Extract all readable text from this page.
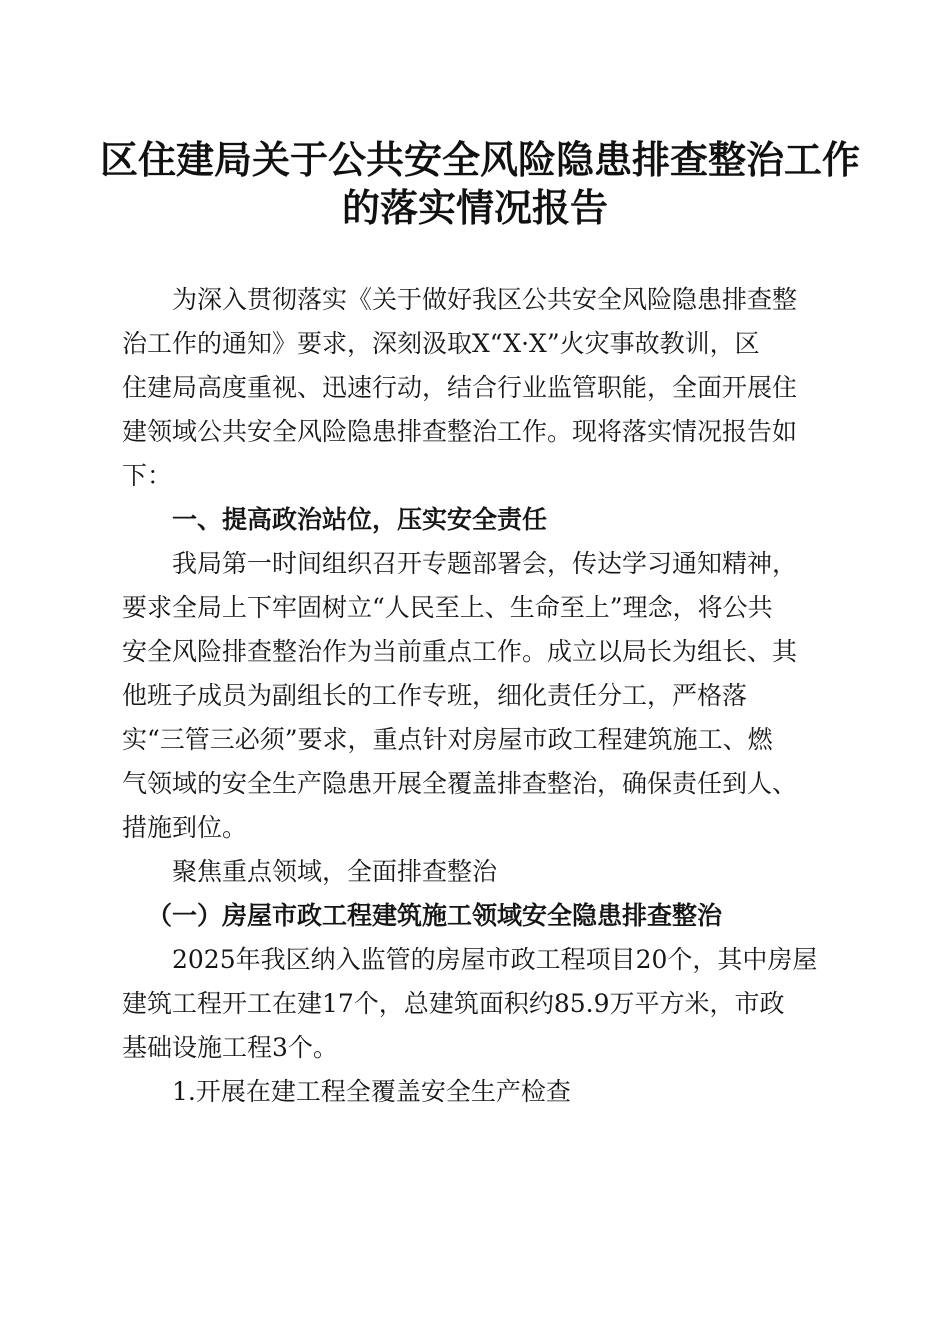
区住建局关于公共安全风险隐患排查整治工作
的落实情况报告
为深入贯彻落实《关于做好我区公共安全风险隐患排查整
治工作的通知》要求，深刻汲取X“X·X”火灾事故教训，区
住建局高度重视、迅速行动，结合行业监管职能，全面开展住
建领域公共安全风险隐患排查整治工作。现将落实情况报告如
下：
一、提高政治站位，压实安全责任
我局第一时间组织召开专题部署会，传达学习通知精神，
要求全局上下牢固树立“人民至上、生命至上”理念，将公共
安全风险排查整治作为当前重点工作。成立以局长为组长、其
他班子成员为副组长的工作专班，细化责任分工，严格落
实“三管三必须”要求，重点针对房屋市政工程建筑施工、燃
气领域的安全生产隐患开展全覆盖排查整治，确保责任到人、
措施到位。
聚焦重点领域，全面排查整治
（一）房屋市政工程建筑施工领域安全隐患排查整治
2025年我区纳入监管的房屋市政工程项目20个，其中房屋
建筑工程开工在建17个，总建筑面积约85.9万平方米，市政
基础设施工程3个。
1.开展在建工程全覆盖安全生产检查
